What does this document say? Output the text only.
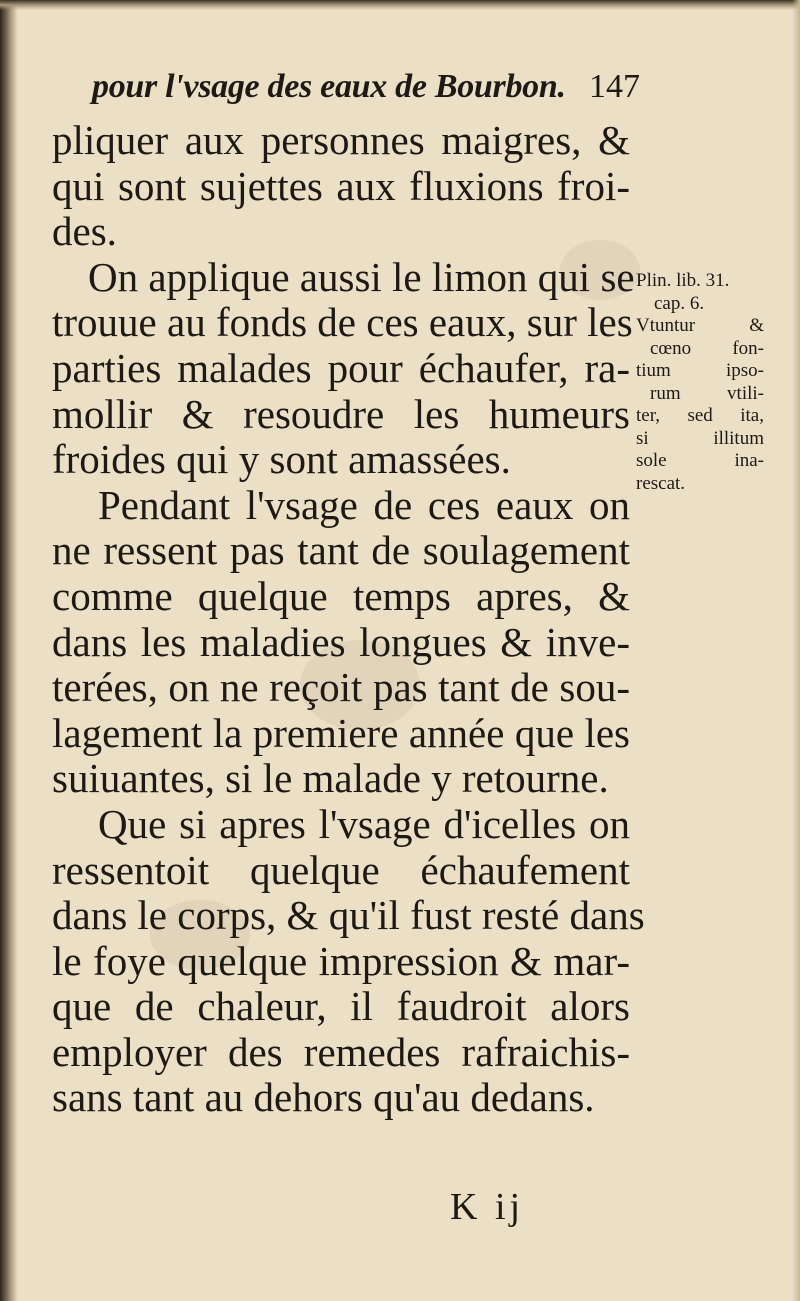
pour l'vsage des eaux de Bourbon. 147
pliquer aux personnes maigres, &
qui sont sujettes aux fluxions froi-
des.
On applique aussi le limon qui se
trouue au fonds de ces eaux, sur les
parties malades pour échaufer, ra-
mollir & resoudre les humeurs
froides qui y sont amassées.
Pendant l'vsage de ces eaux on
ne ressent pas tant de soulagement
comme quelque temps apres, &
dans les maladies longues & inve-
terées, on ne reçoit pas tant de sou-
lagement la premiere année que les
suiuantes, si le malade y retourne.
Que si apres l'vsage d'icelles on
ressentoit quelque échaufement
dans le corps, & qu'il fust resté dans
le foye quelque impression & mar-
que de chaleur, il faudroit alors
employer des remedes rafraichis-
sans tant au dehors qu'au dedans.
Plin. lib. 31.
cap. 6.
Vtuntur &
cœno fon-
tium ipso-
rum vtili-
ter, sed ita,
si illitum
sole ina-
rescat.
K ij
